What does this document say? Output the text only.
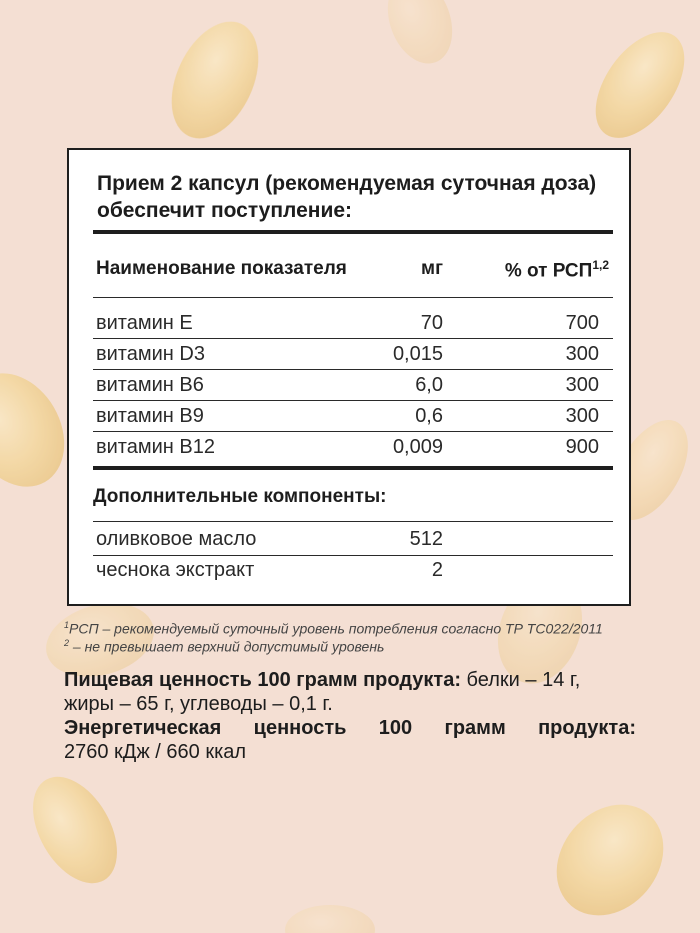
Прием 2 капсул (рекомендуемая суточная доза) обеспечит поступление:

Наименование показателя	мг	% от РСП$^{1,2}$
витамин Е	70	700
витамин D3	0,015	300
витамин В6	6,0	300
витамин В9	0,6	300
витамин В12	0,009	900
Дополнительные компоненты:
оливковое масло	512
чеснока экстракт	2
$^1$РСП – рекомендуемый суточный уровень потребления согласно ТР ТС022/2011
$^2$ – не превышает верхний допустимый уровень

Пищевая ценность 100 грамм продукта: белки – 14 г,

жиры – 65 г, углеводы – 0,1 г.

Энергетическая ценность 100 грамм продукта:

2760 кДж / 660 ккал
